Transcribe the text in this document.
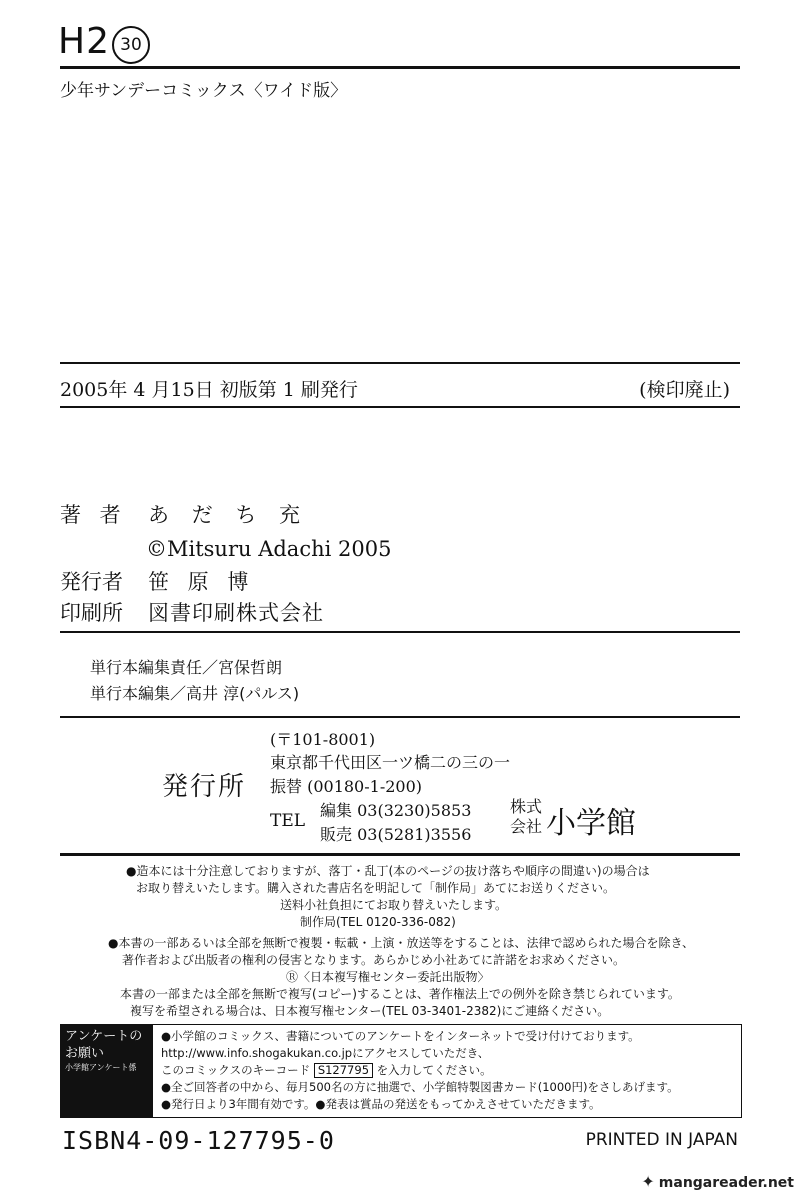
H2 30
少年サンデーコミックス〈ワイド版〉
2005年 4 月15日 初版第 1 刷発行	(検印廃止)
著 者 あ だ ち 充
©Mitsuru Adachi 2005
発行者 笹 原 博
印刷所 図書印刷株式会社
単行本編集責任／宮保哲朗
単行本編集／高井 淳(パルス)
発行所
(〒101-8001)
東京都千代田区一ツ橋二の三の一
振替 (00180-1-200)
TEL
編集 03(3230)5853
販売 03(5281)3556
株式会社 小学館
●造本には十分注意しておりますが、落丁・乱丁(本のページの抜け落ちや順序の間違い)の場合は
お取り替えいたします。購入された書店名を明記して「制作局」あてにお送りください。
送料小社負担にてお取り替えいたします。
制作局(TEL 0120-336-082)
●本書の一部あるいは全部を無断で複製・転載・上演・放送等をすることは、法律で認められた場合を除き、
著作者および出版者の権利の侵害となります。あらかじめ小社あてに許諾をお求めください。
Ⓡ〈日本複写権センター委託出版物〉
本書の一部または全部を無断で複写(コピー)することは、著作権法上での例外を除き禁じられています。
複写を希望される場合は、日本複写権センター(TEL 03-3401-2382)にご連絡ください。
アンケートの
お願い
小学館アンケート係
●小学館のコミックス、書籍についてのアンケートをインターネットで受け付けております。
http://www.info.shogakukan.co.jpにアクセスしていただき、
このコミックスのキーコード S127795 を入力してください。
●全ご回答者の中から、毎月500名の方に抽選で、小学館特製図書カード(1000円)をさしあげます。
●発行日より3年間有効です。●発表は賞品の発送をもってかえさせていただきます。
ISBN4-09-127795-0	PRINTED IN JAPAN
✦ mangareader.net
